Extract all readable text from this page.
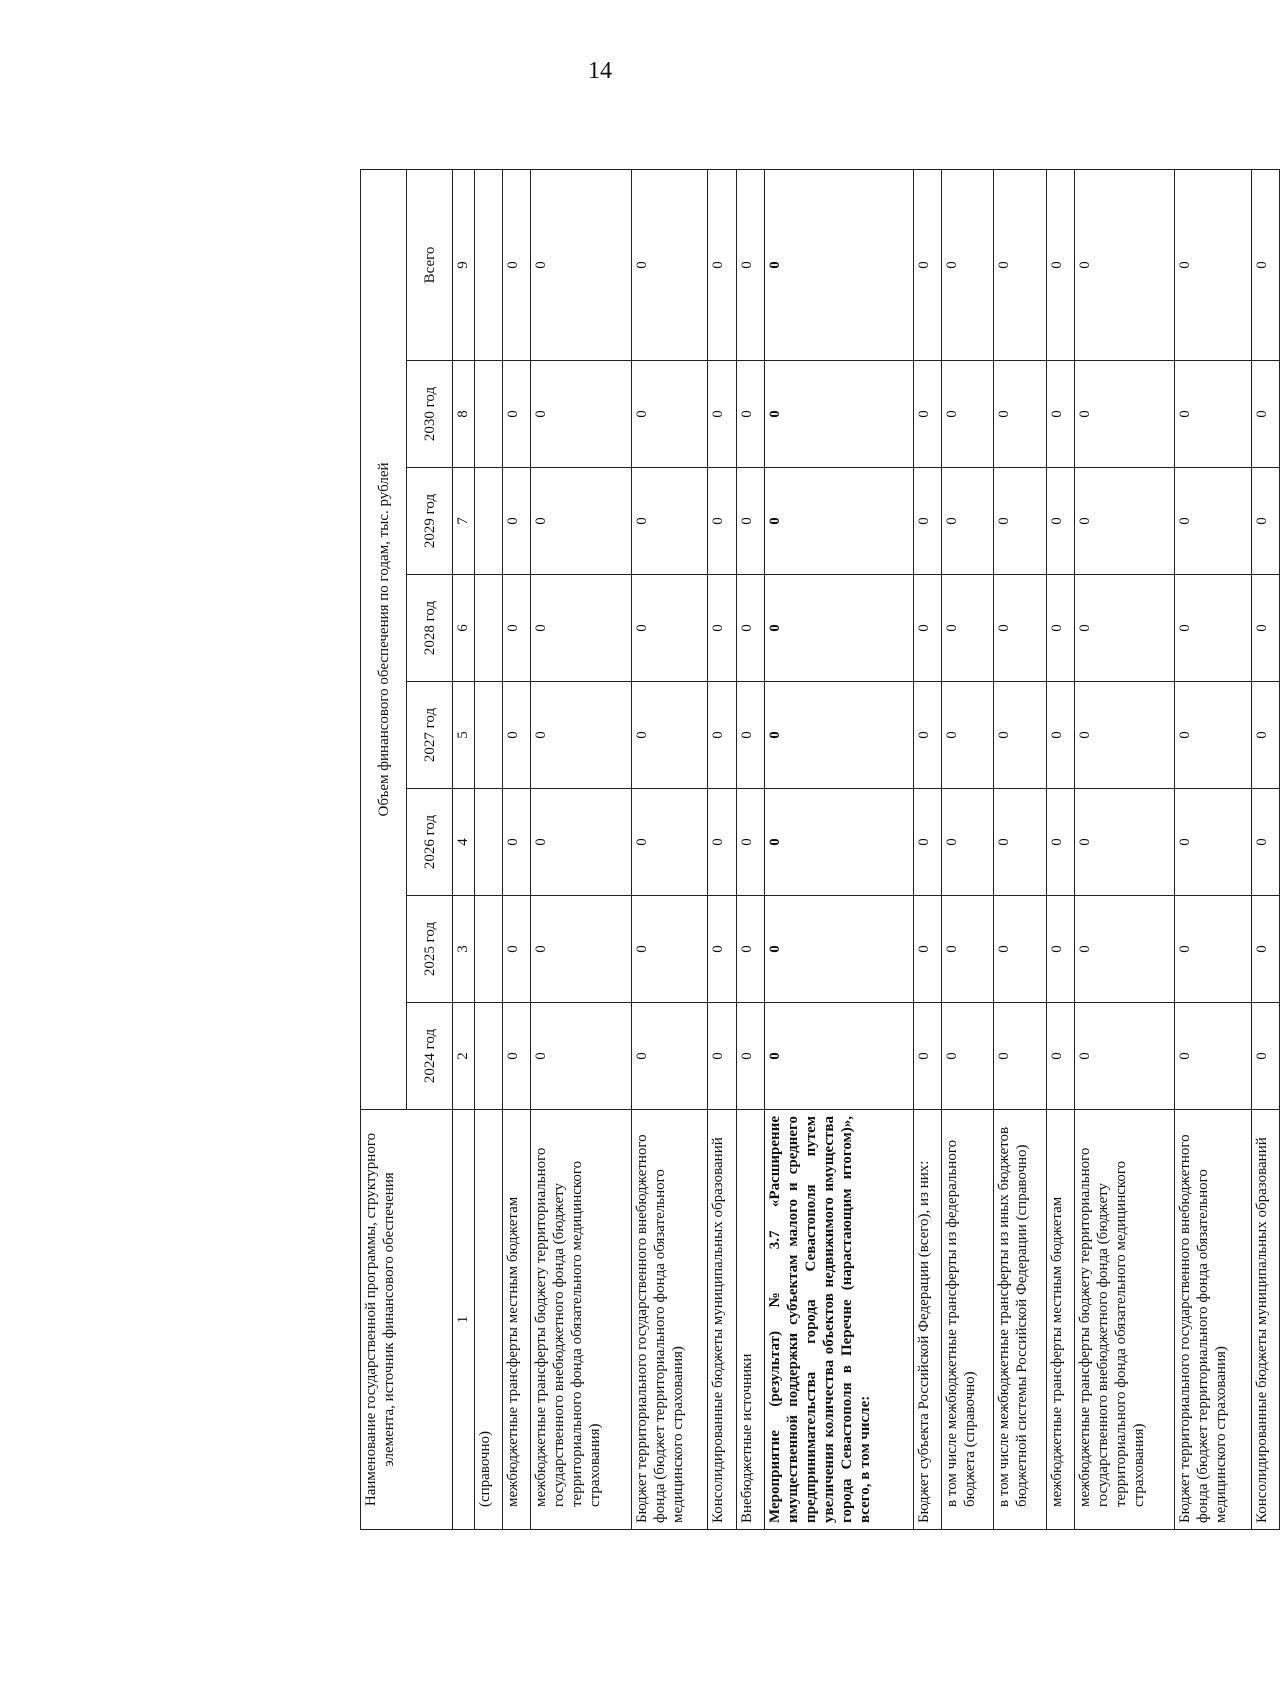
14
Наименование государственной программы, структурного элемента, источник финансового обеспечения	Объем финансового обеспечения по годам, тыс. рублей							
	2024 год	2025 год	2026 год	2027 год	2028 год	2029 год	2030 год	Всего
1	2	3	4	5	6	7	8	9
(справочно)								
межбюджетные трансферты местным бюджетам	0	0	0	0	0	0	0	0
межбюджетные трансферты бюджету территориального государственного внебюджетного фонда (бюджету территориального фонда обязательного медицинского страхования)	0	0	0	0	0	0	0	0
Бюджет территориального государственного внебюджетного фонда (бюджет территориального фонда обязательного медицинского страхования)	0	0	0	0	0	0	0	0
Консолидированные бюджеты муниципальных образований	0	0	0	0	0	0	0	0
Внебюджетные источники	0	0	0	0	0	0	0	0
Мероприятие (результат) № 3.7 «Расширение имущественной поддержки субъектам малого и среднего предпринимательства города Севастополя путем увеличения количества объектов недвижимого имущества города Севастополя в Перечне (нарастающим итогом)», всего, в том числе:	0	0	0	0	0	0	0	0
Бюджет субъекта Российской Федерации (всего), из них:	0	0	0	0	0	0	0	0
в том числе межбюджетные трансферты из федерального бюджета (справочно)	0	0	0	0	0	0	0	0
в том числе межбюджетные трансферты из иных бюджетов бюджетной системы Российской Федерации (справочно)	0	0	0	0	0	0	0	0
межбюджетные трансферты местным бюджетам	0	0	0	0	0	0	0	0
межбюджетные трансферты бюджету территориального государственного внебюджетного фонда (бюджету территориального фонда обязательного медицинского страхования)	0	0	0	0	0	0	0	0
Бюджет территориального государственного внебюджетного фонда (бюджет территориального фонда обязательного медицинского страхования)	0	0	0	0	0	0	0	0
Консолидированные бюджеты муниципальных образований	0	0	0	0	0	0	0	0
